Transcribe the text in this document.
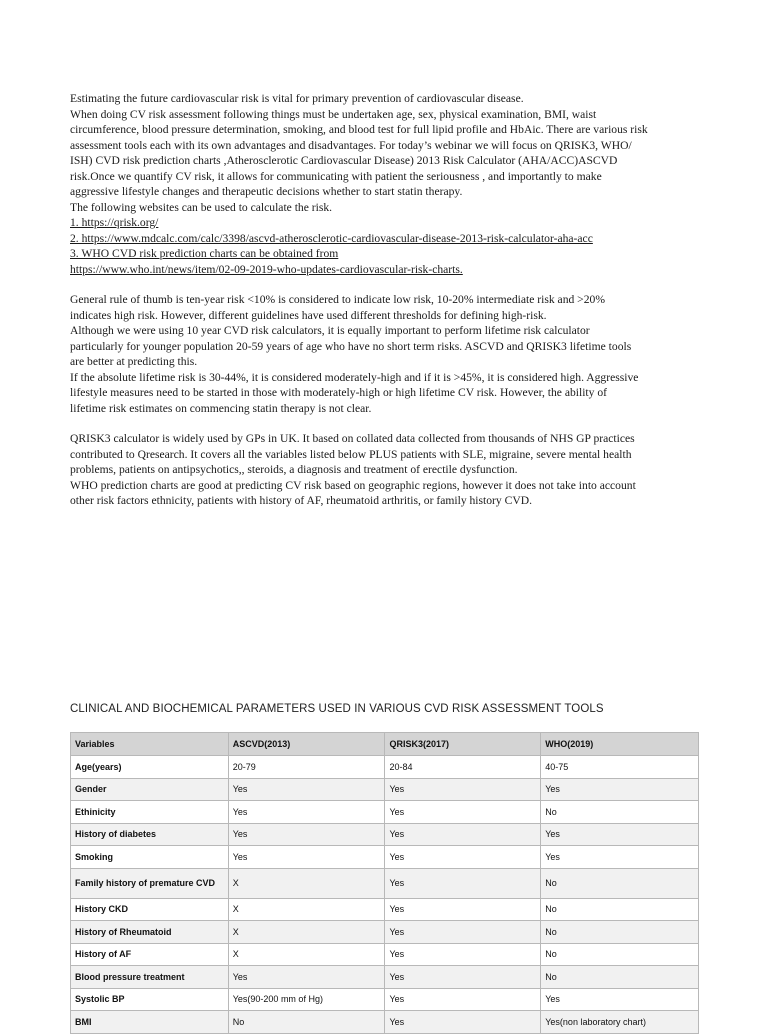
Estimating the future cardiovascular risk is vital for primary prevention of cardiovascular disease.
When doing CV risk assessment following things must be undertaken age, sex, physical examination, BMI, waist
circumference, blood pressure determination, smoking, and blood test for full lipid profile and HbAic. There are various risk
assessment tools each with its own advantages and disadvantages. For today’s webinar we will focus on QRISK3, WHO/
ISH) CVD risk prediction charts ,Atherosclerotic Cardiovascular Disease) 2013 Risk Calculator (AHA/ACC)ASCVD
risk.Once we quantify CV risk, it allows for communicating with patient the seriousness , and importantly to make
aggressive lifestyle changes and therapeutic decisions whether to start statin therapy.
The following websites can be used to calculate the risk.
1. https://qrisk.org/
2. https://www.mdcalc.com/calc/3398/ascvd-atherosclerotic-cardiovascular-disease-2013-risk-calculator-aha-acc
3. WHO CVD risk prediction charts can be obtained from
https://www.who.int/news/item/02-09-2019-who-updates-cardiovascular-risk-charts.

General rule of thumb is ten-year risk <10% is considered to indicate low risk, 10-20% intermediate risk and >20%
indicates high risk. However, different guidelines have used different thresholds for defining high-risk.
Although we were using 10 year CVD risk calculators, it is equally important to perform lifetime risk calculator
particularly for younger population 20-59 years of age who have no short term risks. ASCVD and QRISK3 lifetime tools
are better at predicting this.
If the absolute lifetime risk is 30-44%, it is considered moderately-high and if it is >45%, it is considered high. Aggressive
lifestyle measures need to be started in those with moderately-high or high lifetime CV risk. However, the ability of
lifetime risk estimates on commencing statin therapy is not clear.

QRISK3 calculator is widely used by GPs in UK. It based on collated data collected from thousands of NHS GP practices
contributed to Qresearch. It covers all the variables listed below PLUS patients with SLE, migraine, severe mental health
problems, patients on antipsychotics,, steroids, a diagnosis and treatment of erectile dysfunction.
WHO prediction charts are good at predicting CV risk based on geographic regions, however it does not take into account
other risk factors ethnicity, patients with history of AF, rheumatoid arthritis, or family history CVD.

CLINICAL AND BIOCHEMICAL PARAMETERS USED IN VARIOUS CVD RISK ASSESSMENT TOOLS
Variables	ASCVD(2013)	QRISK3(2017)	WHO(2019)
Age(years)	20-79	20-84	40-75
Gender	Yes	Yes	Yes
Ethinicity	Yes	Yes	No
History of diabetes	Yes	Yes	Yes
Smoking	Yes	Yes	Yes
Family history of premature CVD	X	Yes	No
History CKD	X	Yes	No
History of Rheumatoid	X	Yes	No
History of AF	X	Yes	No
Blood pressure treatment	Yes	Yes	No
Systolic BP	Yes(90-200 mm of Hg)	Yes	Yes
BMI	No	Yes	Yes(non laboratory chart)
